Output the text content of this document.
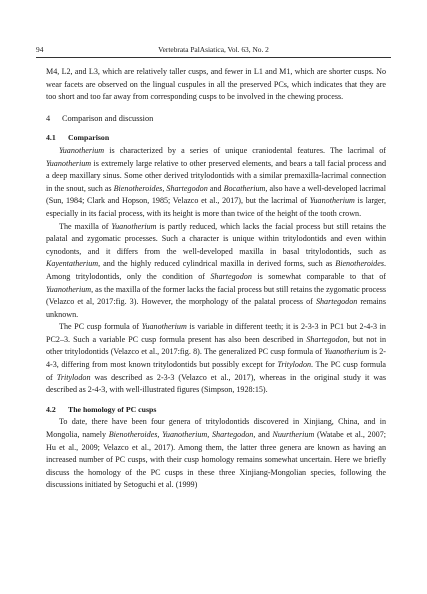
94	Vertebrata PalAsiatica, Vol. 63, No. 2

M4, L2, and L3, which are relatively taller cusps, and fewer in L1 and M1, which are shorter cusps. No wear facets are observed on the lingual cuspules in all the preserved PCs, which indicates that they are too short and too far away from corresponding cusps to be involved in the chewing process.

4 Comparison and discussion
4.1 Comparison

Yuanotherium is characterized by a series of unique craniodental features. The lacrimal of Yuanotherium is extremely large relative to other preserved elements, and bears a tall facial process and a deep maxillary sinus. Some other derived tritylodontids with a similar premaxilla-lacrimal connection in the snout, such as Bienotheroides, Shartegodon and Bocatherium, also have a well-developed lacrimal (Sun, 1984; Clark and Hopson, 1985; Velazco et al., 2017), but the lacrimal of Yuanotherium is larger, especially in its facial process, with its height is more than twice of the height of the tooth crown.

The maxilla of Yuanotherium is partly reduced, which lacks the facial process but still retains the palatal and zygomatic processes. Such a character is unique within tritylodontids and even within cynodonts, and it differs from the well-developed maxilla in basal tritylodontids, such as Kayentatherium, and the highly reduced cylindrical maxilla in derived forms, such as Bienotheroides. Among tritylodontids, only the condition of Shartegodon is somewhat comparable to that of Yuanotherium, as the maxilla of the former lacks the facial process but still retains the zygomatic process (Velazco et al, 2017:fig. 3). However, the morphology of the palatal process of Shartegodon remains unknown.

The PC cusp formula of Yuanotherium is variable in different teeth; it is 2-3-3 in PC1 but 2-4-3 in PC2–3. Such a variable PC cusp formula present has also been described in Shartegodon, but not in other tritylodontids (Velazco et al., 2017:fig. 8). The generalized PC cusp formula of Yuanotherium is 2-4-3, differing from most known tritylodontids but possibly except for Tritylodon. The PC cusp formula of Tritylodon was described as 2-3-3 (Velazco et al., 2017), whereas in the original study it was described as 2-4-3, with well-illustrated figures (Simpson, 1928:15).

4.2 The homology of PC cusps

To date, there have been four genera of tritylodontids discovered in Xinjiang, China, and in Mongolia, namely Bienotheroides, Yuanotherium, Shartegodon, and Nuurtherium (Watabe et al., 2007; Hu et al., 2009; Velazco et al., 2017). Among them, the latter three genera are known as having an increased number of PC cusps, with their cusp homology remains somewhat uncertain. Here we briefly discuss the homology of the PC cusps in these three Xinjiang-Mongolian species, following the discussions initiated by Setoguchi et al. (1999)
